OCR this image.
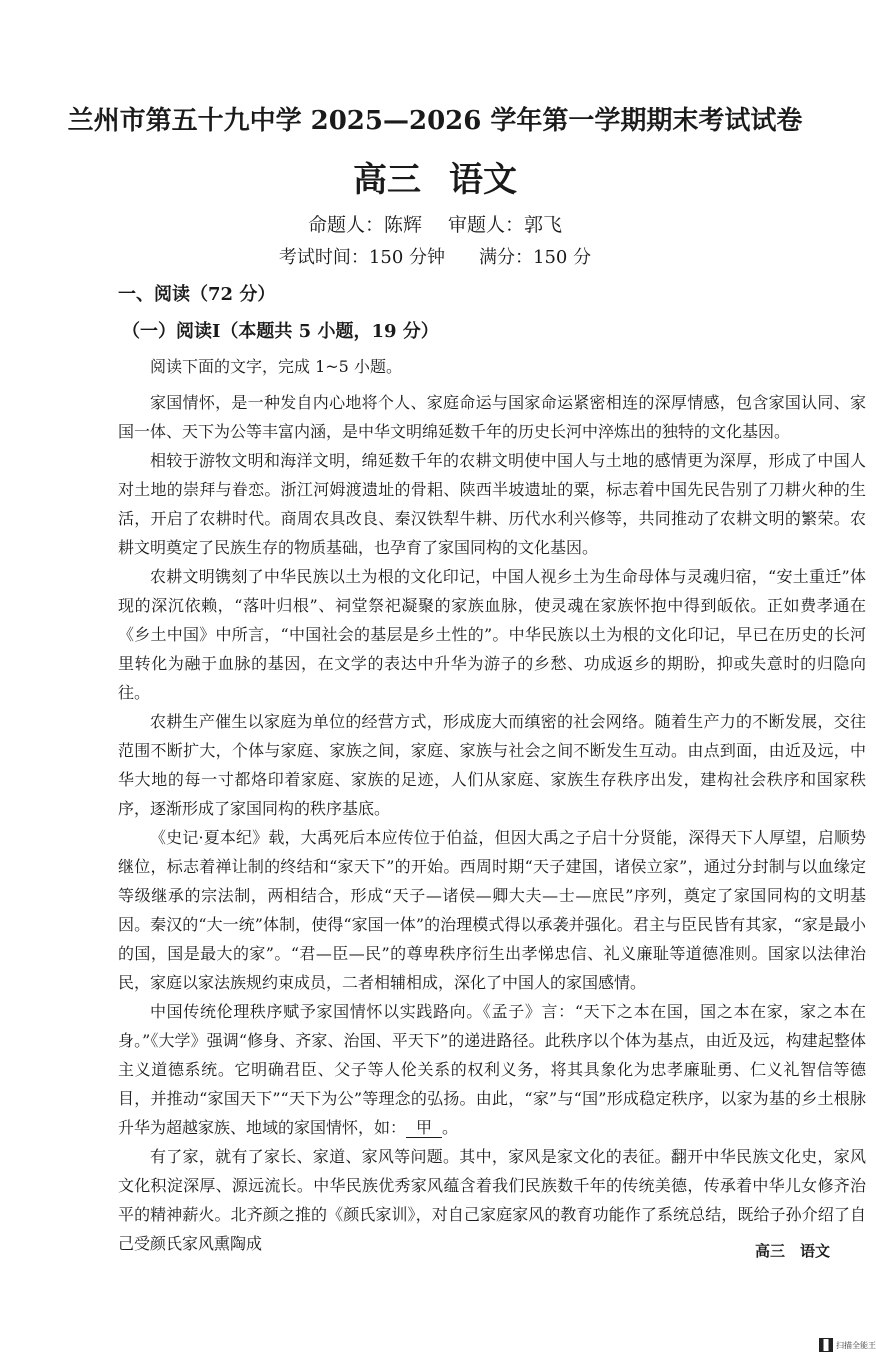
兰州市第五十九中学 2025—2026 学年第一学期期末考试试卷
高三 语文
命题人：陈辉 审题人：郭飞
考试时间：150 分钟 满分：150 分
一、阅读（72 分）
（一）阅读Ⅰ（本题共 5 小题，19 分）
阅读下面的文字，完成 1~5 小题。

家国情怀，是一种发自内心地将个人、家庭命运与国家命运紧密相连的深厚情感，包含家国认同、家国一体、天下为公等丰富内涵，是中华文明绵延数千年的历史长河中淬炼出的独特的文化基因。

相较于游牧文明和海洋文明，绵延数千年的农耕文明使中国人与土地的感情更为深厚，形成了中国人对土地的崇拜与眷恋。浙江河姆渡遗址的骨耜、陕西半坡遗址的粟，标志着中国先民告别了刀耕火种的生活，开启了农耕时代。商周农具改良、秦汉铁犁牛耕、历代水利兴修等，共同推动了农耕文明的繁荣。农耕文明奠定了民族生存的物质基础，也孕育了家国同构的文化基因。

农耕文明镌刻了中华民族以土为根的文化印记，中国人视乡土为生命母体与灵魂归宿，“安土重迁”体现的深沉依赖，“落叶归根”、祠堂祭祀凝聚的家族血脉，使灵魂在家族怀抱中得到皈依。正如费孝通在《乡土中国》中所言，“中国社会的基层是乡土性的”。中华民族以土为根的文化印记，早已在历史的长河里转化为融于血脉的基因，在文学的表达中升华为游子的乡愁、功成返乡的期盼，抑或失意时的归隐向往。

农耕生产催生以家庭为单位的经营方式，形成庞大而缜密的社会网络。随着生产力的不断发展，交往范围不断扩大，个体与家庭、家族之间，家庭、家族与社会之间不断发生互动。由点到面，由近及远，中华大地的每一寸都烙印着家庭、家族的足迹，人们从家庭、家族生存秩序出发，建构社会秩序和国家秩序，逐渐形成了家国同构的秩序基底。

《史记·夏本纪》载，大禹死后本应传位于伯益，但因大禹之子启十分贤能，深得天下人厚望，启顺势继位，标志着禅让制的终结和“家天下”的开始。西周时期“天子建国，诸侯立家”，通过分封制与以血缘定等级继承的宗法制，两相结合，形成“天子—诸侯—卿大夫—士—庶民”序列，奠定了家国同构的文明基因。秦汉的“大一统”体制，使得“家国一体”的治理模式得以承袭并强化。君主与臣民皆有其家，“家是最小的国，国是最大的家”。“君—臣—民”的尊卑秩序衍生出孝悌忠信、礼义廉耻等道德准则。国家以法律治民，家庭以家法族规约束成员，二者相辅相成，深化了中国人的家国感情。

中国传统伦理秩序赋予家国情怀以实践路向。《孟子》言：“天下之本在国，国之本在家，家之本在身。”《大学》强调“修身、齐家、治国、平天下”的递进路径。此秩序以个体为基点，由近及远，构建起整体主义道德系统。它明确君臣、父子等人伦关系的权利义务，将其具象化为忠孝廉耻勇、仁义礼智信等德目，并推动“家国天下”“天下为公”等理念的弘扬。由此，“家”与“国”形成稳定秩序，以家为基的乡土根脉升华为超越家族、地域的家国情怀，如： 甲 。

有了家，就有了家长、家道、家风等问题。其中，家风是家文化的表征。翻开中华民族文化史，家风文化积淀深厚、源远流长。中华民族优秀家风蕴含着我们民族数千年的传统美德，传承着中华儿女修齐治平的精神薪火。北齐颜之推的《颜氏家训》，对自己家庭家风的教育功能作了系统总结，既给子孙介绍了自己受颜氏家风熏陶成	高三　语文
扫描全能王
